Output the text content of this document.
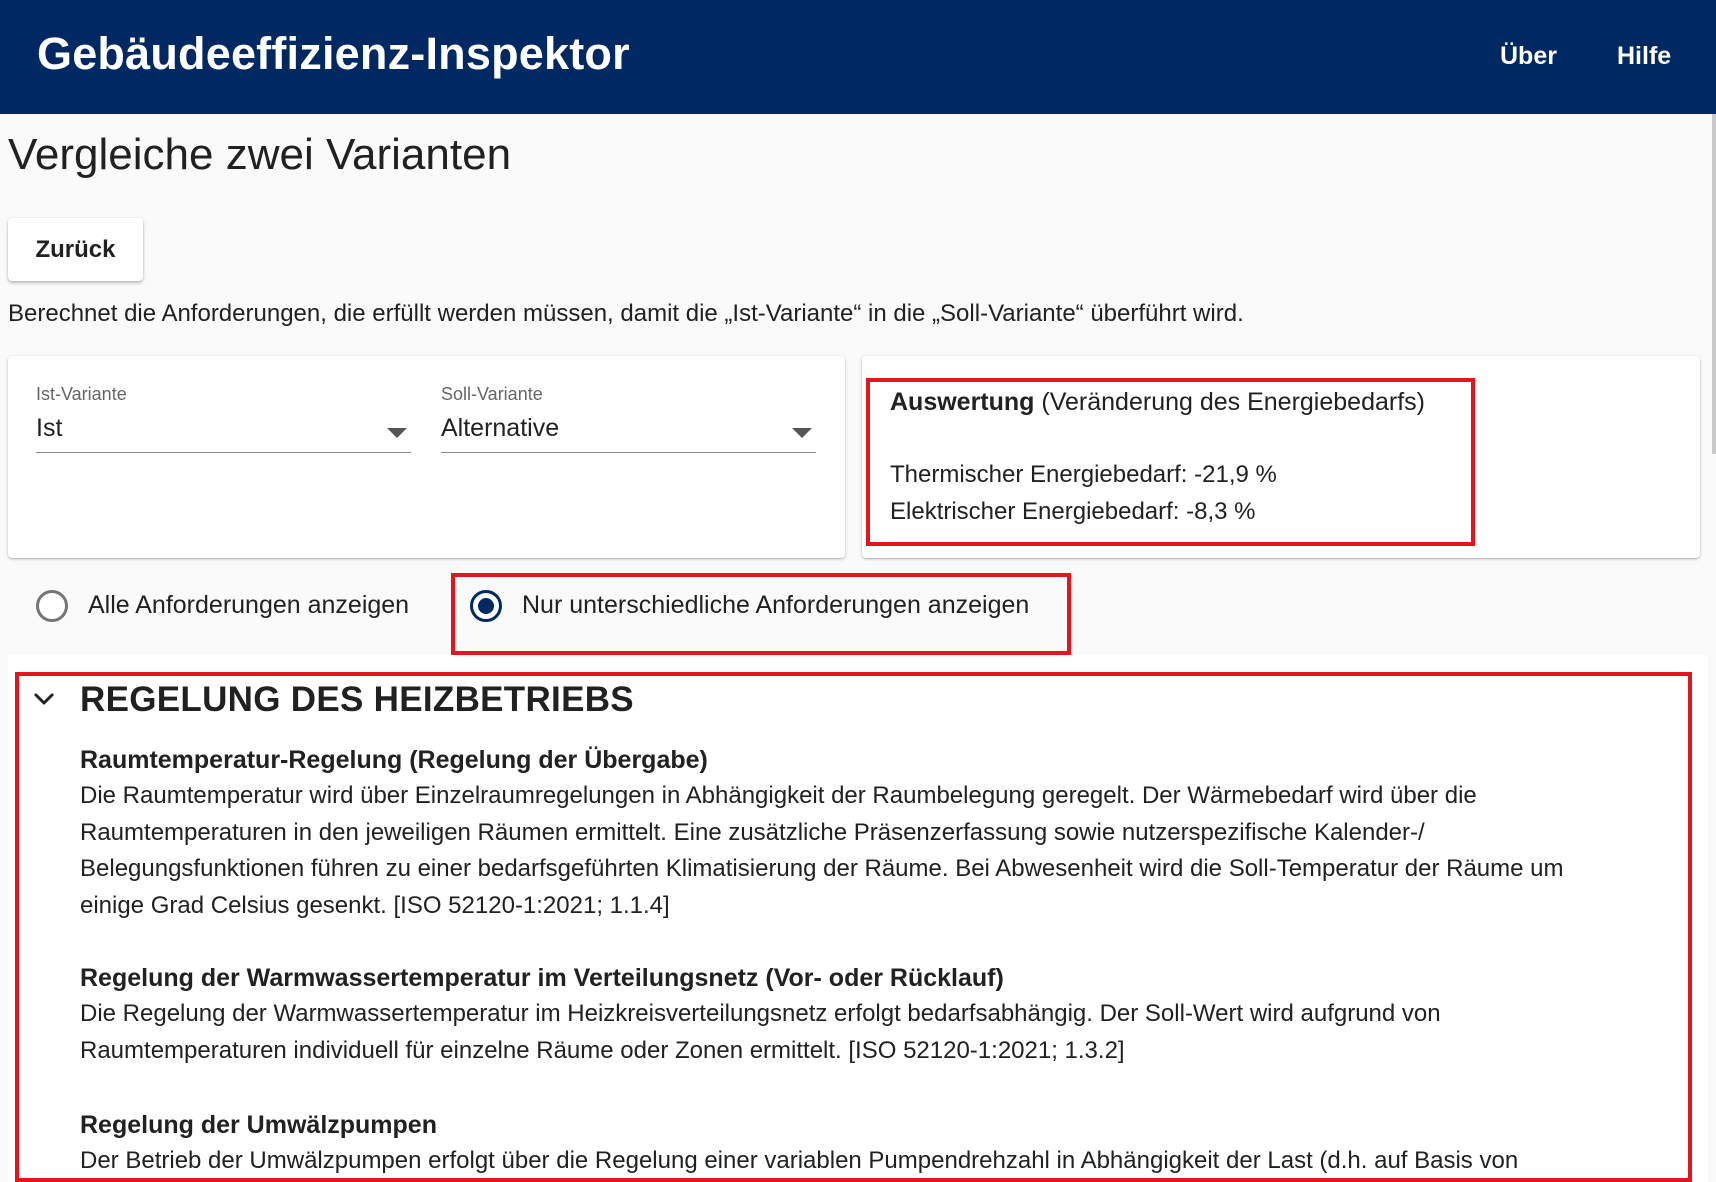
Gebäudeeffizienz-Inspektor	Über Hilfe
Vergleiche zwei Varianten
Zurück
Berechnet die Anforderungen, die erfüllt werden müssen, damit die „Ist-Variante“ in die „Soll-Variante“ überführt wird.
Ist-Variante
Ist
Soll-Variante
Alternative
Auswertung (Veränderung des Energiebedarfs)
Thermischer Energiebedarf: -21,9 %
Elektrischer Energiebedarf: -8,3 %
Alle Anforderungen anzeigen	Nur unterschiedliche Anforderungen anzeigen
REGELUNG DES HEIZBETRIEBS
Raumtemperatur-Regelung (Regelung der Übergabe)
Die Raumtemperatur wird über Einzelraumregelungen in Abhängigkeit der Raumbelegung geregelt. Der Wärmebedarf wird über die
Raumtemperaturen in den jeweiligen Räumen ermittelt. Eine zusätzliche Präsenzerfassung sowie nutzerspezifische Kalender-/
Belegungsfunktionen führen zu einer bedarfsgeführten Klimatisierung der Räume. Bei Abwesenheit wird die Soll-Temperatur der Räume um
einige Grad Celsius gesenkt. [ISO 52120-1:2021; 1.1.4]
Regelung der Warmwassertemperatur im Verteilungsnetz (Vor- oder Rücklauf)
Die Regelung der Warmwassertemperatur im Heizkreisverteilungsnetz erfolgt bedarfsabhängig. Der Soll-Wert wird aufgrund von
Raumtemperaturen individuell für einzelne Räume oder Zonen ermittelt. [ISO 52120-1:2021; 1.3.2]
Regelung der Umwälzpumpen
Der Betrieb der Umwälzpumpen erfolgt über die Regelung einer variablen Pumpendrehzahl in Abhängigkeit der Last (d.h. auf Basis von
